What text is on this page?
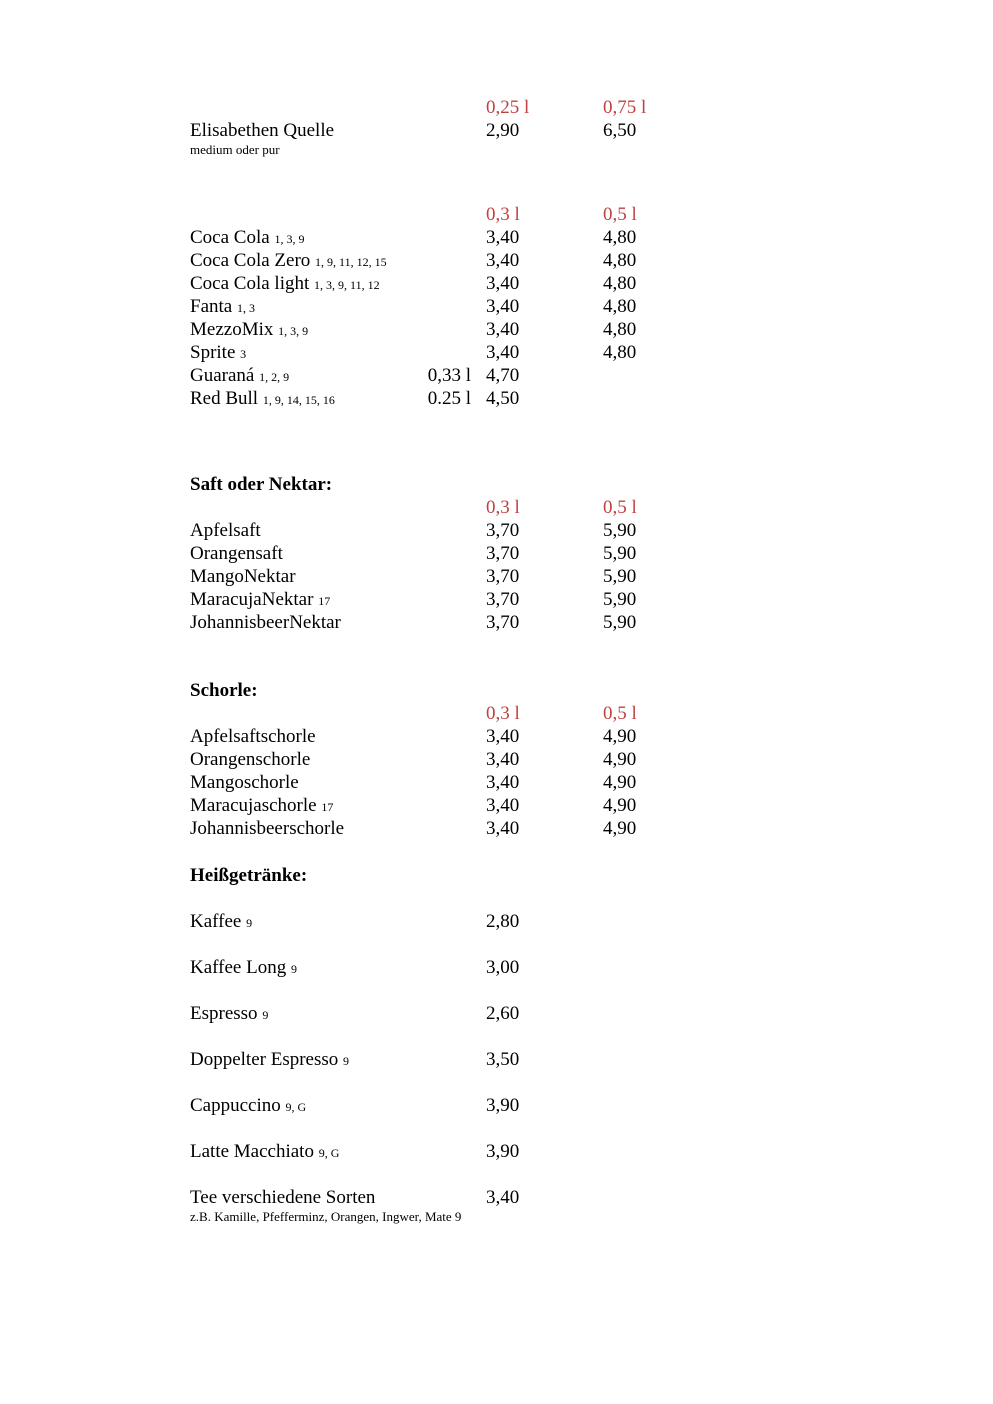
0,25 l	0,75 l
Elisabethen Quelle	2,90	6,50
medium oder pur
0,3 l	0,5 l
Coca Cola 1, 3, 9	3,40	4,80
Coca Cola Zero 1, 9, 11, 12, 15	3,40	4,80
Coca Cola light 1, 3, 9, 11, 12	3,40	4,80
Fanta 1, 3	3,40	4,80
MezzoMix 1, 3, 9	3,40	4,80
Sprite 3	3,40	4,80
Guaraná 1, 2, 9	0,33 l 4,70
Red Bull 1, 9, 14, 15, 16	0.25 l 4,50
Saft oder Nektar:
0,3 l	0,5 l
Apfelsaft	3,70	5,90
Orangensaft	3,70	5,90
MangoNektar	3,70	5,90
MaracujaNektar 17	3,70	5,90
JohannisbeerNektar	3,70	5,90
Schorle:
0,3 l	0,5 l
Apfelsaftschorle	3,40	4,90
Orangenschorle	3,40	4,90
Mangoschorle	3,40	4,90
Maracujaschorle 17	3,40	4,90
Johannisbeerschorle	3,40	4,90
Heißgetränke:
Kaffee 9	2,80
Kaffee Long 9	3,00
Espresso 9	2,60
Doppelter Espresso 9	3,50
Cappuccino 9, G	3,90
Latte Macchiato 9, G	3,90
Tee verschiedene Sorten	3,40
z.B. Kamille, Pfefferminz, Orangen, Ingwer, Mate 9
